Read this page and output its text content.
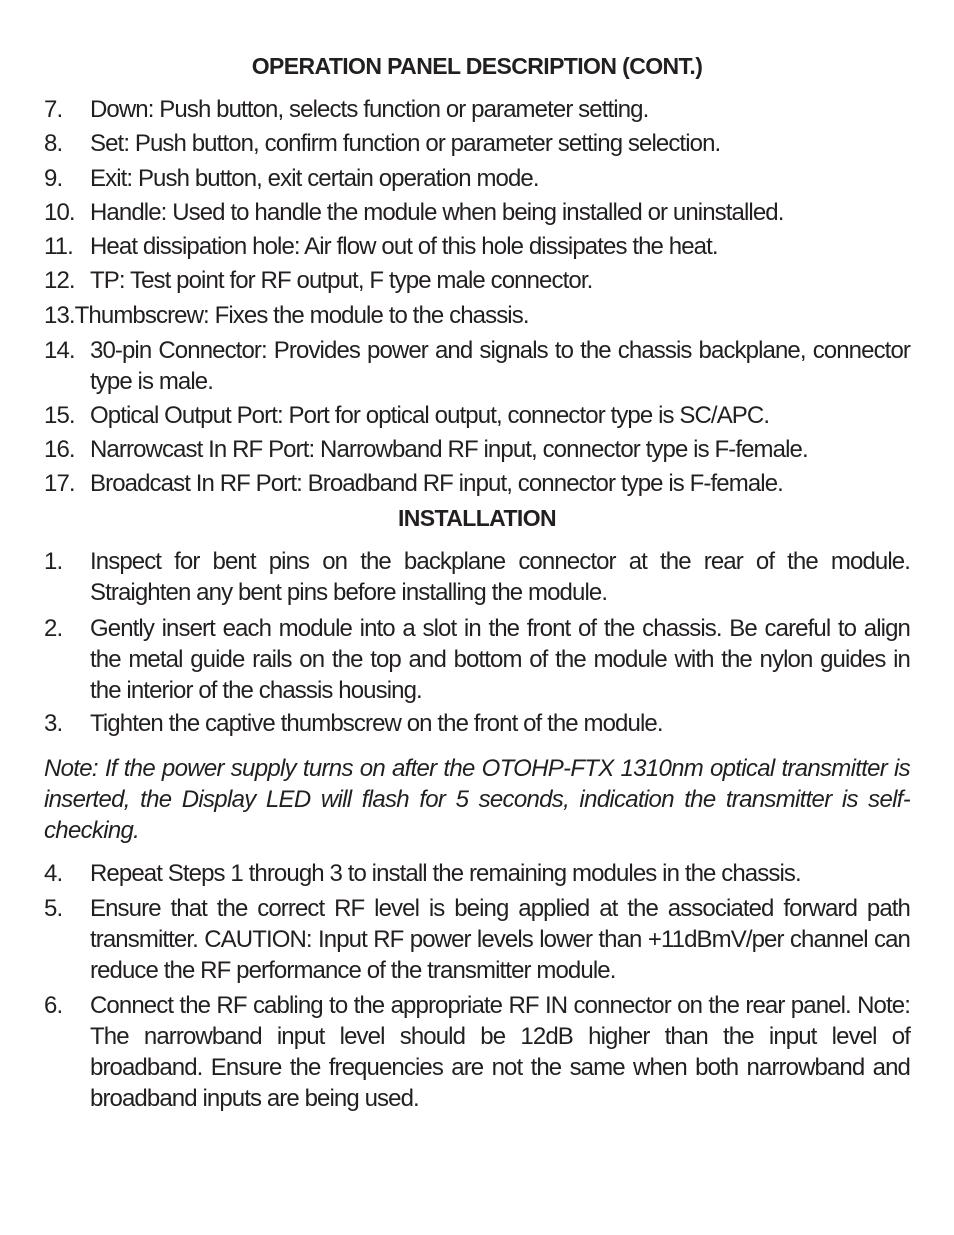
OPERATION PANEL DESCRIPTION (CONT.)
7. Down: Push button, selects function or parameter setting.
8. Set: Push button, confirm function or parameter setting selection.
9. Exit: Push button, exit certain operation mode.
10. Handle: Used to handle the module when being installed or uninstalled.
11. Heat dissipation hole: Air flow out of this hole dissipates the heat.
12. TP: Test point for RF output, F type male connector.
13.Thumbscrew: Fixes the module to the chassis.
14. 30-pin Connector: Provides power and signals to the chassis backplane, connector type is male.
15. Optical Output Port: Port for optical output, connector type is SC/APC.
16. Narrowcast In RF Port: Narrowband RF input, connector type is F-female.
17. Broadcast In RF Port: Broadband RF input, connector type is F-female.
INSTALLATION
1. Inspect for bent pins on the backplane connector at the rear of the module. Straighten any bent pins before installing the module.
2. Gently insert each module into a slot in the front of the chassis. Be careful to align the metal guide rails on the top and bottom of the module with the nylon guides in the interior of the chassis housing.
3. Tighten the captive thumbscrew on the front of the module.
Note: If the power supply turns on after the OTOHP-FTX 1310nm optical transmitter is inserted, the Display LED will flash for 5 seconds, indication the transmitter is self-checking.
4. Repeat Steps 1 through 3 to install the remaining modules in the chassis.
5. Ensure that the correct RF level is being applied at the associated forward path transmitter. CAUTION: Input RF power levels lower than +11dBmV/per channel can reduce the RF performance of the transmitter module.
6. Connect the RF cabling to the appropriate RF IN connector on the rear panel. Note: The narrowband input level should be 12dB higher than the input level of broadband. Ensure the frequencies are not the same when both narrowband and broadband inputs are being used.
